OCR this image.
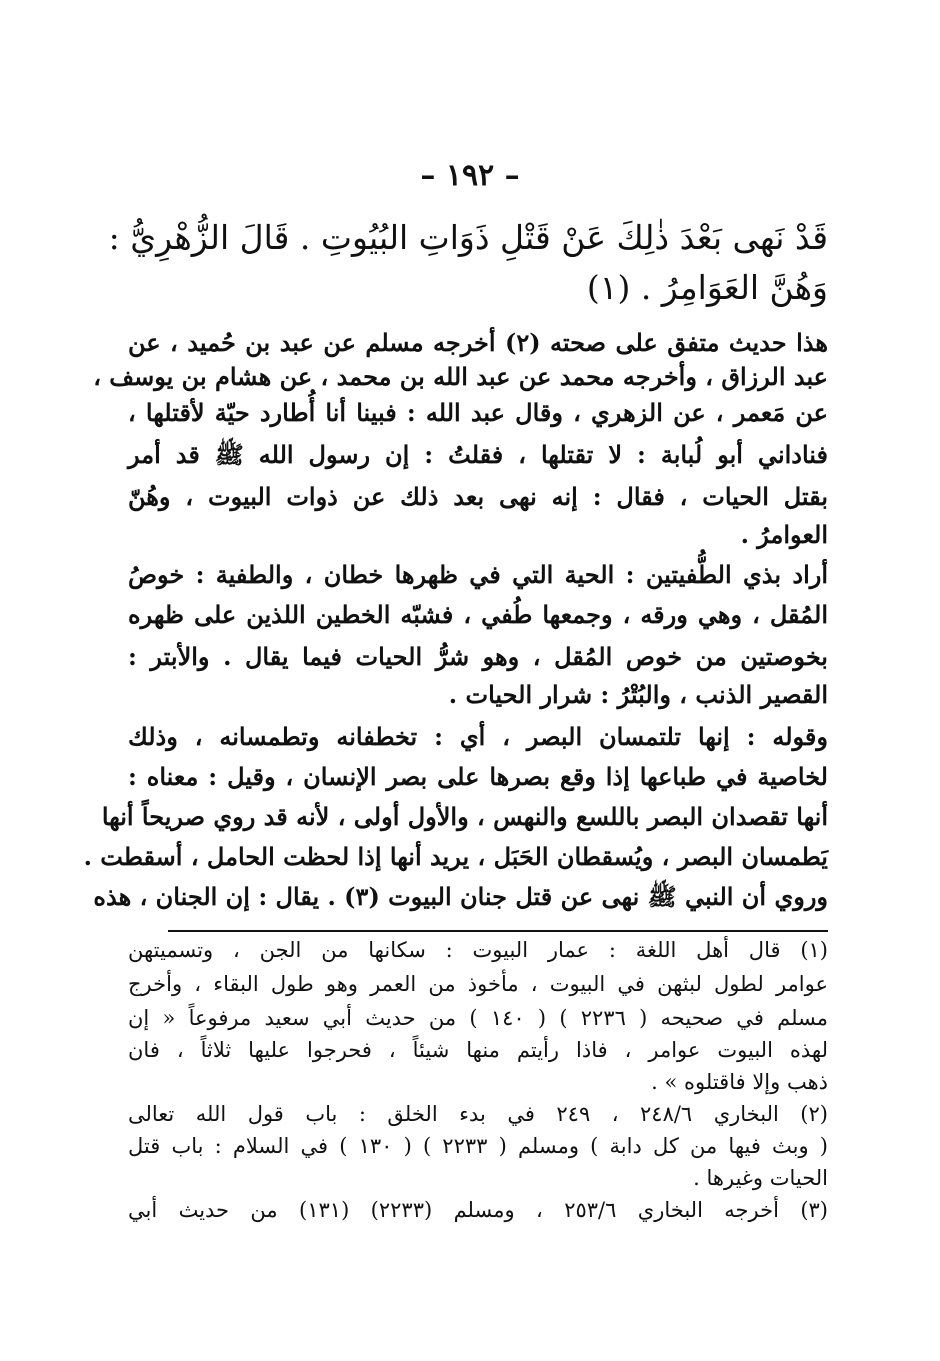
– ١٩٢ –
قَدْ نَهى بَعْدَ ذٰلِكَ عَنْ قَتْلِ ذَوَاتِ البُيُوتِ . قَالَ الزُّهْرِيُّ :
وَهُنَّ العَوَامِرُ . (١)
هذا حديث متفق على صحته (٢) أخرجه مسلم عن عبد بن حُميد ، عن
عبد الرزاق ، وأخرجه محمد عن عبد الله بن محمد ، عن هشام بن يوسف ،
عن مَعمر ، عن الزهري ، وقال عبد الله : فبينا أنا أُطارد حيّة لأقتلها ،
فناداني أبو لُبابة : لا تقتلها ، فقلتُ : إن رسول الله ﷺ قد أمر
بقتل الحيات ، فقال : إنه نهى بعد ذلك عن ذوات البيوت ، وهُنّ
العوامرُ .
أراد بذي الطُّفيتين : الحية التي في ظهرها خطان ، والطفية : خوصُ
المُقل ، وهي ورقه ، وجمعها طُفي ، فشبّه الخطين اللذين على ظهره
بخوصتين من خوص المُقل ، وهو شرُّ الحيات فيما يقال . والأبتر :
القصير الذنب ، والبُتْرُ : شرار الحيات .
وقوله : إنها تلتمسان البصر ، أي : تخطفانه وتطمسانه ، وذلك
لخاصية في طباعها إذا وقع بصرها على بصر الإنسان ، وقيل : معناه :
أنها تقصدان البصر باللسع والنهس ، والأول أولى ، لأنه قد روي صريحاً أنها
يَطمسان البصر ، ويُسقطان الحَبَل ، يريد أنها إذا لحظت الحامل ، أسقطت .
وروي أن النبي ﷺ نهى عن قتل جنان البيوت (٣) . يقال : إن الجنان ، هذه
(١) قال أهل اللغة : عمار البيوت : سكانها من الجن ، وتسميتهن
عوامر لطول لبثهن في البيوت ، مأخوذ من العمر وهو طول البقاء ، وأخرج
مسلم في صحيحه ( ٢٢٣٦ ) ( ١٤٠ ) من حديث أبي سعيد مرفوعاً « إن
لهذه البيوت عوامر ، فاذا رأيتم منها شيئاً ، فحرجوا عليها ثلاثاً ، فان
ذهب وإلا فاقتلوه » .
(٢) البخاري ٢٤٨/٦ ، ٢٤٩ في بدء الخلق : باب قول الله تعالى
( وبث فيها من كل دابة ) ومسلم ( ٢٢٣٣ ) ( ١٣٠ ) في السلام : باب قتل
الحيات وغيرها .
(٣) أخرجه البخاري ٢٥٣/٦ ، ومسلم (٢٢٣٣) (١٣١) من حديث أبي
